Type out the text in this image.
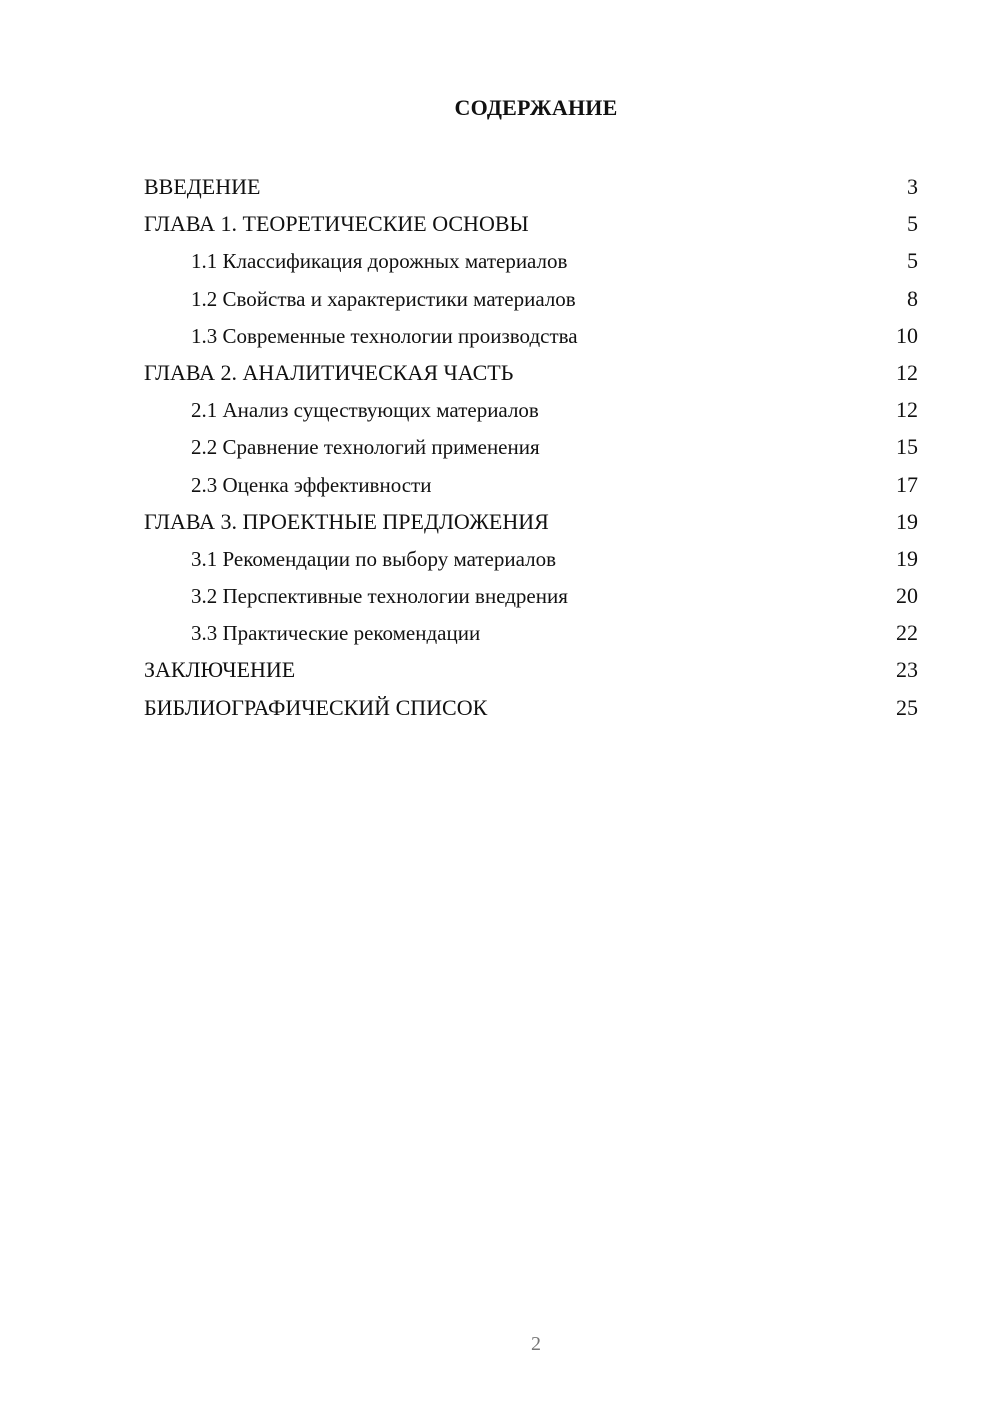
СОДЕРЖАНИЕ
ВВЕДЕНИЕ	3
ГЛАВА 1. ТЕОРЕТИЧЕСКИЕ ОСНОВЫ	5
1.1 Классификация дорожных материалов	5
1.2 Свойства и характеристики материалов	8
1.3 Современные технологии производства	10
ГЛАВА 2. АНАЛИТИЧЕСКАЯ ЧАСТЬ	12
2.1 Анализ существующих материалов	12
2.2 Сравнение технологий применения	15
2.3 Оценка эффективности	17
ГЛАВА 3. ПРОЕКТНЫЕ ПРЕДЛОЖЕНИЯ	19
3.1 Рекомендации по выбору материалов	19
3.2 Перспективные технологии внедрения	20
3.3 Практические рекомендации	22
ЗАКЛЮЧЕНИЕ	23
БИБЛИОГРАФИЧЕСКИЙ СПИСОК	25
2
